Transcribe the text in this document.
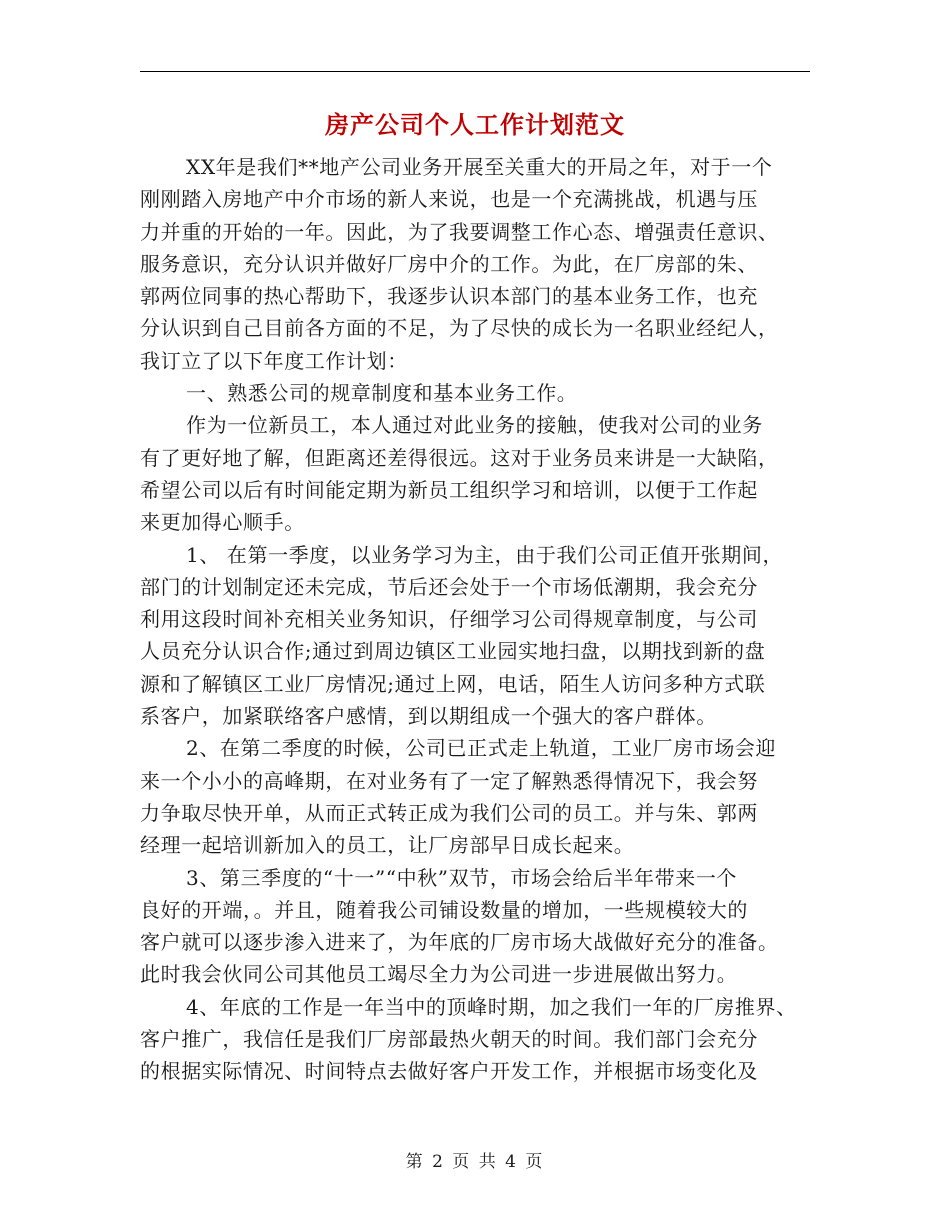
房产公司个人工作计划范文
XX年是我们**地产公司业务开展至关重大的开局之年，对于一个
刚刚踏入房地产中介市场的新人来说，也是一个充满挑战，机遇与压
力并重的开始的一年。因此，为了我要调整工作心态、增强责任意识、
服务意识，充分认识并做好厂房中介的工作。为此，在厂房部的朱、
郭两位同事的热心帮助下，我逐步认识本部门的基本业务工作，也充
分认识到自己目前各方面的不足，为了尽快的成长为一名职业经纪人，
我订立了以下年度工作计划：
一、熟悉公司的规章制度和基本业务工作。
作为一位新员工，本人通过对此业务的接触，使我对公司的业务
有了更好地了解，但距离还差得很远。这对于业务员来讲是一大缺陷，
希望公司以后有时间能定期为新员工组织学习和培训，以便于工作起
来更加得心顺手。
1、 在第一季度，以业务学习为主，由于我们公司正值开张期间，
部门的计划制定还未完成，节后还会处于一个市场低潮期，我会充分
利用这段时间补充相关业务知识，仔细学习公司得规章制度，与公司
人员充分认识合作;通过到周边镇区工业园实地扫盘，以期找到新的盘
源和了解镇区工业厂房情况;通过上网，电话，陌生人访问多种方式联
系客户，加紧联络客户感情，到以期组成一个强大的客户群体。
2、在第二季度的时候，公司已正式走上轨道，工业厂房市场会迎
来一个小小的高峰期，在对业务有了一定了解熟悉得情况下，我会努
力争取尽快开单，从而正式转正成为我们公司的员工。并与朱、郭两
经理一起培训新加入的员工，让厂房部早日成长起来。
3、第三季度的“十一”“中秋”双节，市场会给后半年带来一个
良好的开端，。并且，随着我公司铺设数量的增加，一些规模较大的
客户就可以逐步渗入进来了，为年底的厂房市场大战做好充分的准备。
此时我会伙同公司其他员工竭尽全力为公司进一步进展做出努力。
4、年底的工作是一年当中的顶峰时期，加之我们一年的厂房推界、
客户推广，我信任是我们厂房部最热火朝天的时间。我们部门会充分
的根据实际情况、时间特点去做好客户开发工作，并根据市场变化及
第 2 页 共 4 页
